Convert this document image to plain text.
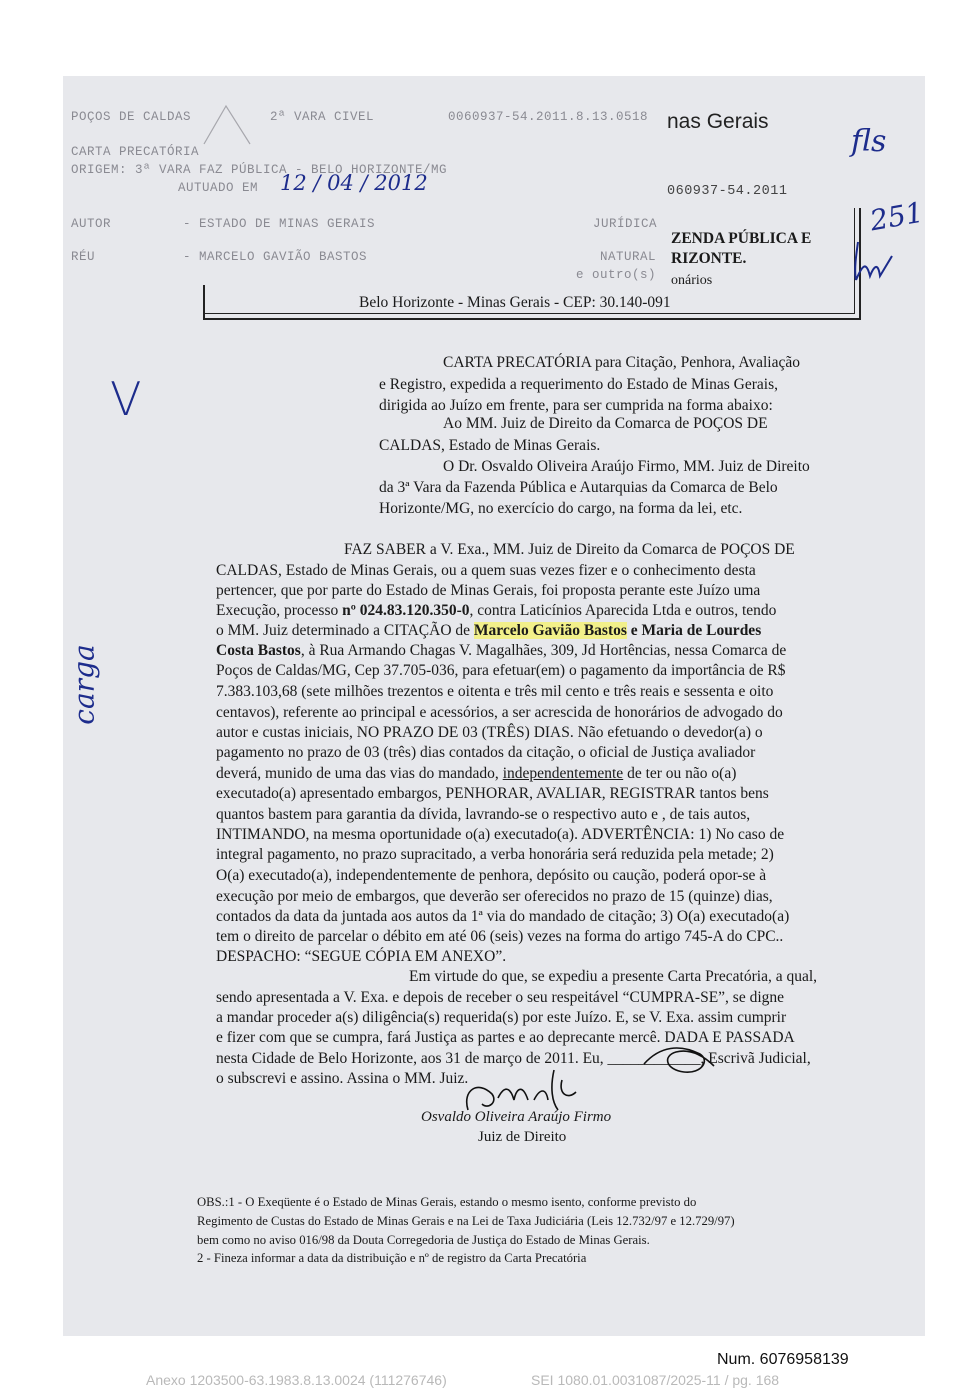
POÇOS DE CALDAS	2ª VARA CIVEL	0060937-54.2011.8.13.0518
CARTA PRECATÓRIA
ORIGEM: 3ª VARA FAZ PÚBLICA - BELO HORIZONTE/MG
AUTUADO EM 12 / 04 / 2012
AUTOR	- ESTADO DE MINAS GERAIS	JURÍDICA
RÉU	- MARCELO GAVIÃO BASTOS	NATURAL
e outro(s)
060937-54.2011
nas Gerais
ZENDA PÚBLICA E
RIZONTE.
onários
Belo Horizonte - Minas Gerais - CEP: 30.140-091
fls
251
V
carga
CARTA PRECATÓRIA para Citação, Penhora, Avaliação
e Registro, expedida a requerimento do Estado de Minas Gerais,
dirigida ao Juízo em frente, para ser cumprida na forma abaixo:
Ao MM. Juiz de Direito da Comarca de POÇOS DE
CALDAS, Estado de Minas Gerais.
O Dr. Osvaldo Oliveira Araújo Firmo, MM. Juiz de Direito
da 3ª Vara da Fazenda Pública e Autarquias da Comarca de Belo
Horizonte/MG, no exercício do cargo, na forma da lei, etc.
FAZ SABER a V. Exa., MM. Juiz de Direito da Comarca de POÇOS DE
CALDAS, Estado de Minas Gerais, ou a quem suas vezes fizer e o conhecimento desta
pertencer, que por parte do Estado de Minas Gerais, foi proposta perante este Juízo uma
Execução, processo nº 024.83.120.350-0, contra Laticínios Aparecida Ltda e outros, tendo
o MM. Juiz determinado a CITAÇÃO de Marcelo Gavião Bastos e Maria de Lourdes
Costa Bastos, à Rua Armando Chagas V. Magalhães, 309, Jd Hortências, nessa Comarca de
Poços de Caldas/MG, Cep 37.705-036, para efetuar(em) o pagamento da importância de R$
7.383.103,68 (sete milhões trezentos e oitenta e três mil cento e três reais e sessenta e oito
centavos), referente ao principal e acessórios, a ser acrescida de honorários de advogado do
autor e custas iniciais, NO PRAZO DE 03 (TRÊS) DIAS. Não efetuando o devedor(a) o
pagamento no prazo de 03 (três) dias contados da citação, o oficial de Justiça avaliador
deverá, munido de uma das vias do mandado, independentemente de ter ou não o(a)
executado(a) apresentado embargos, PENHORAR, AVALIAR, REGISTRAR tantos bens
quantos bastem para garantia da dívida, lavrando-se o respectivo auto e , de tais autos,
INTIMANDO, na mesma oportunidade o(a) executado(a). ADVERTÊNCIA: 1) No caso de
integral pagamento, no prazo supracitado, a verba honorária será reduzida pela metade; 2)
O(a) executado(a), independentemente de penhora, depósito ou caução, poderá opor-se à
execução por meio de embargos, que deverão ser oferecidos no prazo de 15 (quinze) dias,
contados da data da juntada aos autos da 1ª via do mandado de citação; 3) O(a) executado(a)
tem o direito de parcelar o débito em até 06 (seis) vezes na forma do artigo 745-A do CPC..
DESPACHO: “SEGUE CÓPIA EM ANEXO”.
Em virtude do que, se expediu a presente Carta Precatória, a qual,
sendo apresentada a V. Exa. e depois de receber o seu respeitável “CUMPRA-SE”, se digne
a mandar proceder a(s) diligência(s) requerida(s) por este Juízo. E, se V. Exa. assim cumprir
e fizer com que se cumpra, fará Justiça as partes e ao deprecante mercê. DADA E PASSADA
nesta Cidade de Belo Horizonte, aos 31 de março de 2011. Eu, ____________, Escrivã Judicial,
o subscrevi e assino. Assina o MM. Juiz.
Osvaldo Oliveira Araújo Firmo
Juiz de Direito
OBS.:1 - O Exeqüente é o Estado de Minas Gerais, estando o mesmo isento, conforme previsto do
Regimento de Custas do Estado de Minas Gerais e na Lei de Taxa Judiciária (Leis 12.732/97 e 12.729/97)
bem como no aviso 016/98 da Douta Corregedoria de Justiça do Estado de Minas Gerais.
2 - Fineza informar a data da distribuição e nº de registro da Carta Precatória
Num. 6076958139
Anexo 1203500-63.1983.8.13.0024 (111276746)	SEI 1080.01.0031087/2025-11 / pg. 168
